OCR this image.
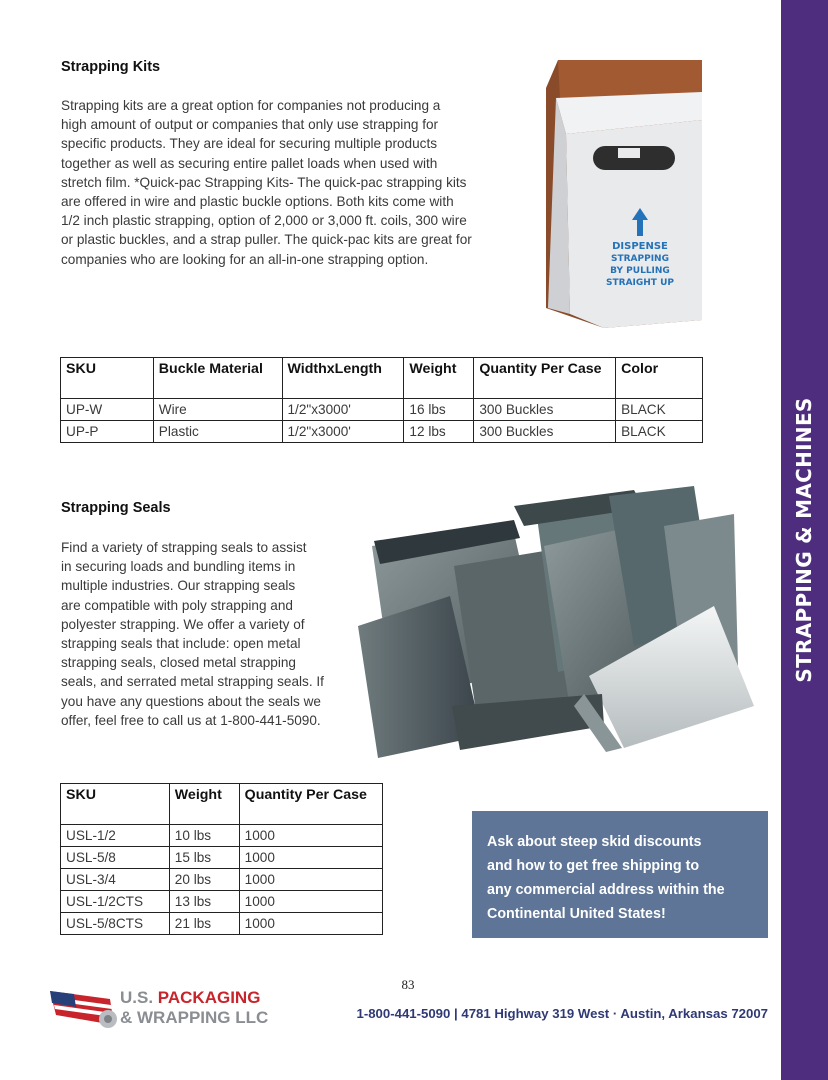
STRAPPING & MACHINES
Strapping Kits
Strapping kits are a great option for companies not producing a
high amount of output or companies that only use strapping for
specific products. They are ideal for securing multiple products
together as well as securing entire pallet loads when used with
stretch film. *Quick-pac Strapping Kits- The quick-pac strapping kits
are offered in wire and plastic buckle options. Both kits come with
1/2 inch plastic strapping, option of 2,000 or 3,000 ft. coils, 300 wire
or plastic buckles, and a strap puller. The quick-pac kits are great for
companies who are looking for an all-in-one strapping option.
DISPENSE
STRAPPING
BY PULLING
STRAIGHT UP
SKU	Buckle Material	WidthxLength	Weight	Quantity Per Case	Color
UP-W	Wire	1/2"x3000'	16 lbs	300 Buckles	BLACK
UP-P	Plastic	1/2"x3000'	12 lbs	300 Buckles	BLACK
Strapping Seals
Find a variety of strapping seals to assist
in securing loads and bundling items in
multiple industries. Our strapping seals
are compatible with poly strapping and
polyester strapping. We offer a variety of
strapping seals that include: open metal
strapping seals, closed metal strapping
seals, and serrated metal strapping seals. If
you have any questions about the seals we
offer, feel free to call us at 1-800-441-5090.
SKU	Weight	Quantity Per Case
USL-1/2	10 lbs	1000
USL-5/8	15 lbs	1000
USL-3/4	20 lbs	1000
USL-1/2CTS	13 lbs	1000
USL-5/8CTS	21 lbs	1000
Ask about steep skid discounts
and how to get free shipping to
any commercial address within the
Continental United States!
83
U.S. PACKAGING
& WRAPPING LLC	1-800-441-5090 | 4781 Highway 319 West · Austin, Arkansas 72007
